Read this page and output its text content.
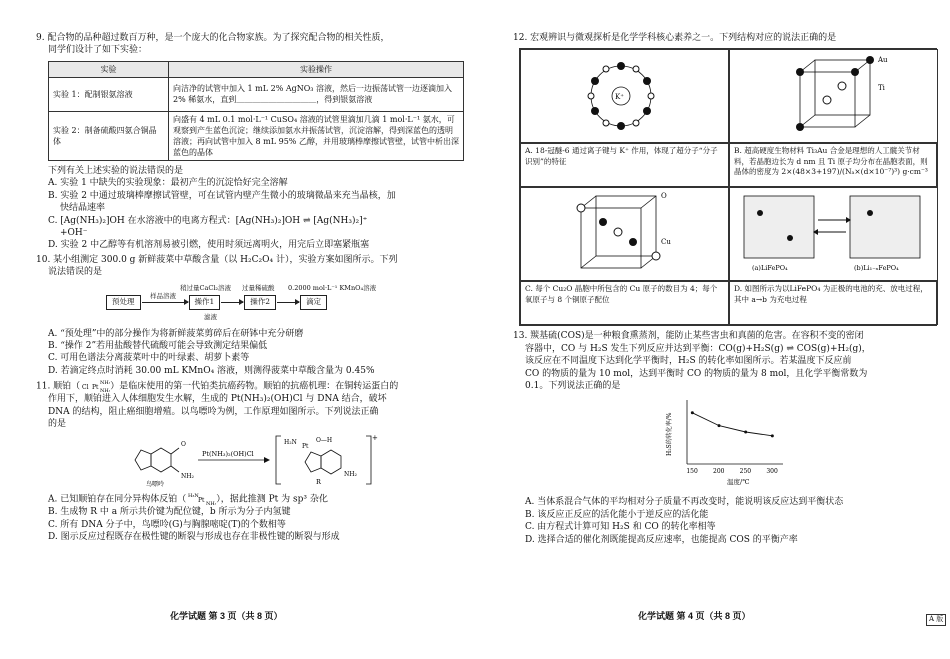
9. 配合物的品种超过数百万种，是一个庞大的化合物家族。为了探究配合物的相关性质，

同学们设计了如下实验：

实验	实验操作
实验 1：配制银氨溶液	向洁净的试管中加入 1 mL 2% AgNO₃ 溶液，然后一边振荡试管一边逐滴加入 2% 稀氨水，直到＿＿＿＿＿＿＿＿＿＿，得到银氨溶液
实验 2：制备硫酸四氨合铜晶体	向盛有 4 mL 0.1 mol·L⁻¹ CuSO₄ 溶液的试管里滴加几滴 1 mol·L⁻¹ 氨水，可观察到产生蓝色沉淀；继续添加氨水并振荡试管，沉淀溶解，得到深蓝色的透明溶液；再向试管中加入 8 mL 95% 乙醇，并用玻璃棒摩擦试管壁，试管中析出深蓝色的晶体

下列有关上述实验的说法错误的是

A. 实验 1 中缺失的实验现象：最初产生的沉淀恰好完全溶解

B. 实验 2 中通过玻璃棒摩擦试管壁，可在试管内壁产生微小的玻璃微晶来充当晶核，加

快结晶速率

C. [Ag(NH₃)₂]OH 在水溶液中的电离方程式：[Ag(NH₃)₂]OH ⇌ [Ag(NH₃)₂]⁺

+OH⁻

D. 实验 2 中乙醇等有机溶剂易被引燃，使用时须远离明火，用完后立即塞紧瓶塞

10. 某小组测定 300.0 g 新鲜菠菜中草酸含量（以 H₂C₂O₄ 计），实验方案如图所示。下列

说法错误的是

预处理
样品溶液
操作1	操作2	滴定
稍过量CaCl₂溶液 过量稀硫酸 0.2000 mol·L⁻¹ KMnO₄溶液
滤液

A. “预处理”中的部分操作为将新鲜菠菜剪碎后在研钵中充分研磨

B. “操作 2”若用盐酸替代硫酸可能会导致测定结果偏低

C. 可用色谱法分离菠菜叶中的叶绿素、胡萝卜素等

D. 若滴定终点时消耗 30.00 mL KMnO₄ 溶液，则测得菠菜中草酸含量为 0.45%

11. 顺铂（ Cl Pt
NH₃
NH₃ ）是临床使用的第一代铂类抗癌药物。顺铂的抗癌机理：在铜转运蛋白的

作用下，顺铂进入人体细胞发生水解，生成的 Pt(NH₃)₂(OH)Cl 与 DNA 结合，破坏

DNA 的结构，阻止癌细胞增殖。以鸟嘌呤为例，工作原理如图所示。下列说法正确

的是

O
NH₂
鸟嘌呤
Pt(NH₃)₂(OH)Cl
+
H₂N
Pt
O—H
NH₂
R

A. 已知顺铂存在同分异构体反铂（ H₃N
Pt NH₃ ），据此推测 Pt 为 sp³ 杂化

B. 生成物 R 中 a 所示共价键为配位键，b 所示为分子内氢键

C. 所有 DNA 分子中，鸟嘌呤(G)与胸腺嘧啶(T)的个数相等

D. 图示反应过程既存在极性键的断裂与形成也存在非极性键的断裂与形成

化学试题 第 3 页（共 8 页）

12. 宏观辨识与微观探析是化学学科核心素养之一。下列结构对应的说法正确的是

K⁺
Au
Ti
A. 18-冠醚-6 通过离子键与 K⁺ 作用，体现了超分子“分子识别”的特征
B. 超高硬度生物材料 Ti₃Au 合金是理想的人工髋关节材料，若晶胞边长为 d nm 且 Ti 原子均分布在晶胞表面，则晶体的密度为 2×(48×3+197)/(Nₐ×(d×10⁻⁷)³) g·cm⁻³
O
Cu
(a)LiFePO₄	(b)Li₁₋ₓFePO₄
C. 每个 Cu₂O 晶胞中所包含的 Cu 原子的数目为 4；每个氧原子与 8 个铜原子配位
D. 如图所示为以LiFePO₄ 为正极的电池的充、放电过程，其中 a→b 为充电过程

13. 羰基硫(COS)是一种粮食熏蒸剂，能防止某些害虫和真菌的危害。在容积不变的密闭

容器中，CO 与 H₂S 发生下列反应并达到平衡：CO(g)+H₂S(g) ⇌ COS(g)+H₂(g)，

该反应在不同温度下达到化学平衡时，H₂S 的转化率如图所示。若某温度下反应前

CO 的物质的量为 10 mol，达到平衡时 CO 的物质的量为 8 mol，且化学平衡常数为

0.1。下列说法正确的是

150	200	250	300
温度/℃
H₂S的转化率/%

A. 当体系混合气体的平均相对分子质量不再改变时，能说明该反应达到平衡状态

B. 该反应正反应的活化能小于逆反应的活化能

C. 由方程式计算可知 H₂S 和 CO 的转化率相等

D. 选择合适的催化剂既能提高反应速率，也能提高 COS 的平衡产率

化学试题 第 4 页（共 8 页）	A 版
